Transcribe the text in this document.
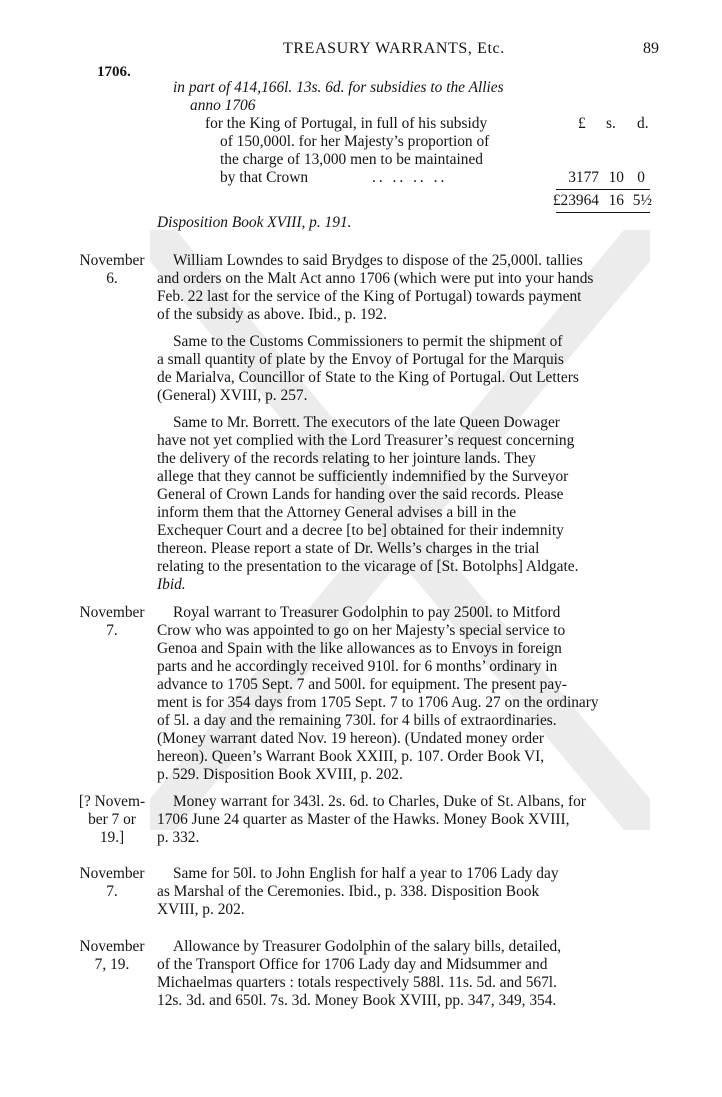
TREASURY WARRANTS, Etc.	89
1706.
in part of 414,166l. 13s. 6d. for subsidies to the Allies
anno 1706
for the King of Portugal, in full of his subsidy
of 150,000l. for her Majesty’s proportion of
the charge of 13,000 men to be maintained
by that Crown	.. .. .. ..
£ s. d.
3177 10 0
£23964 16 5½
Disposition Book XVIII, p. 191.
November
6.
William Lowndes to said Brydges to dispose of the 25,000l. tallies
and orders on the Malt Act anno 1706 (which were put into your hands
Feb. 22 last for the service of the King of Portugal) towards payment
of the subsidy as above. Ibid., p. 192.
Same to the Customs Commissioners to permit the shipment of
a small quantity of plate by the Envoy of Portugal for the Marquis
de Marialva, Councillor of State to the King of Portugal. Out Letters
(General) XVIII, p. 257.
Same to Mr. Borrett. The executors of the late Queen Dowager
have not yet complied with the Lord Treasurer’s request concerning
the delivery of the records relating to her jointure lands. They
allege that they cannot be sufficiently indemnified by the Surveyor
General of Crown Lands for handing over the said records. Please
inform them that the Attorney General advises a bill in the
Exchequer Court and a decree [to be] obtained for their indemnity
thereon. Please report a state of Dr. Wells’s charges in the trial
relating to the presentation to the vicarage of [St. Botolphs] Aldgate.
Ibid.
November
7.
Royal warrant to Treasurer Godolphin to pay 2500l. to Mitford
Crow who was appointed to go on her Majesty’s special service to
Genoa and Spain with the like allowances as to Envoys in foreign
parts and he accordingly received 910l. for 6 months’ ordinary in
advance to 1705 Sept. 7 and 500l. for equipment. The present pay-
ment is for 354 days from 1705 Sept. 7 to 1706 Aug. 27 on the ordinary
of 5l. a day and the remaining 730l. for 4 bills of extraordinaries.
(Money warrant dated Nov. 19 hereon). (Undated money order
hereon). Queen’s Warrant Book XXIII, p. 107. Order Book VI,
p. 529. Disposition Book XVIII, p. 202.
[? Novem-
ber 7 or 19.]
Money warrant for 343l. 2s. 6d. to Charles, Duke of St. Albans, for
1706 June 24 quarter as Master of the Hawks. Money Book XVIII,
p. 332.
November
7.
Same for 50l. to John English for half a year to 1706 Lady day
as Marshal of the Ceremonies. Ibid., p. 338. Disposition Book
XVIII, p. 202.
November
7, 19.
Allowance by Treasurer Godolphin of the salary bills, detailed,
of the Transport Office for 1706 Lady day and Midsummer and
Michaelmas quarters : totals respectively 588l. 11s. 5d. and 567l.
12s. 3d. and 650l. 7s. 3d. Money Book XVIII, pp. 347, 349, 354.
